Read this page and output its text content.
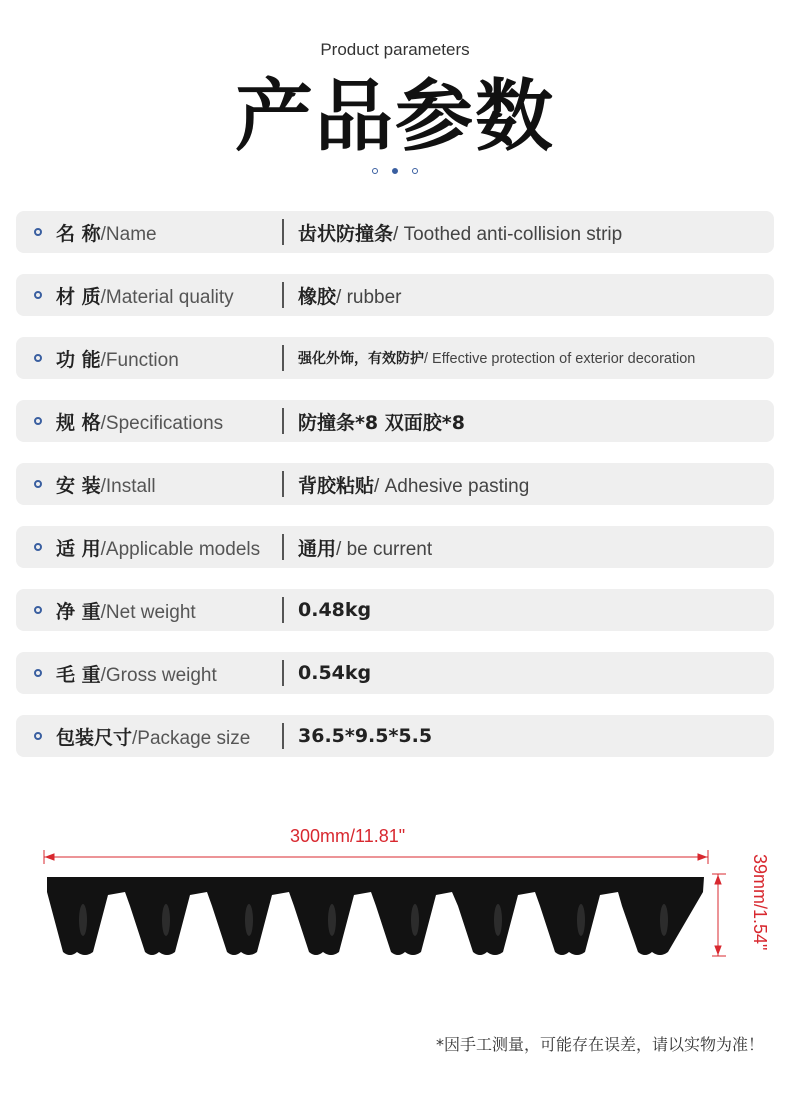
Product parameters
产品参数
名 称/Name	齿状防撞条/ Toothed anti-collision strip
材 质/Material quality	橡胶/ rubber
功 能/Function	强化外饰，有效防护/ Effective protection of exterior decoration
规 格/Specifications	防撞条*8 双面胶*8
安 装/Install	背胶粘贴/ Adhesive pasting
适 用/Applicable models	通用/ be current
净 重/Net weight	0.48kg
毛 重/Gross weight	0.54kg
包装尺寸/Package size	36.5*9.5*5.5
300mm/11.81"
39mm/1.54"
*因手工测量，可能存在误差，请以实物为准！
